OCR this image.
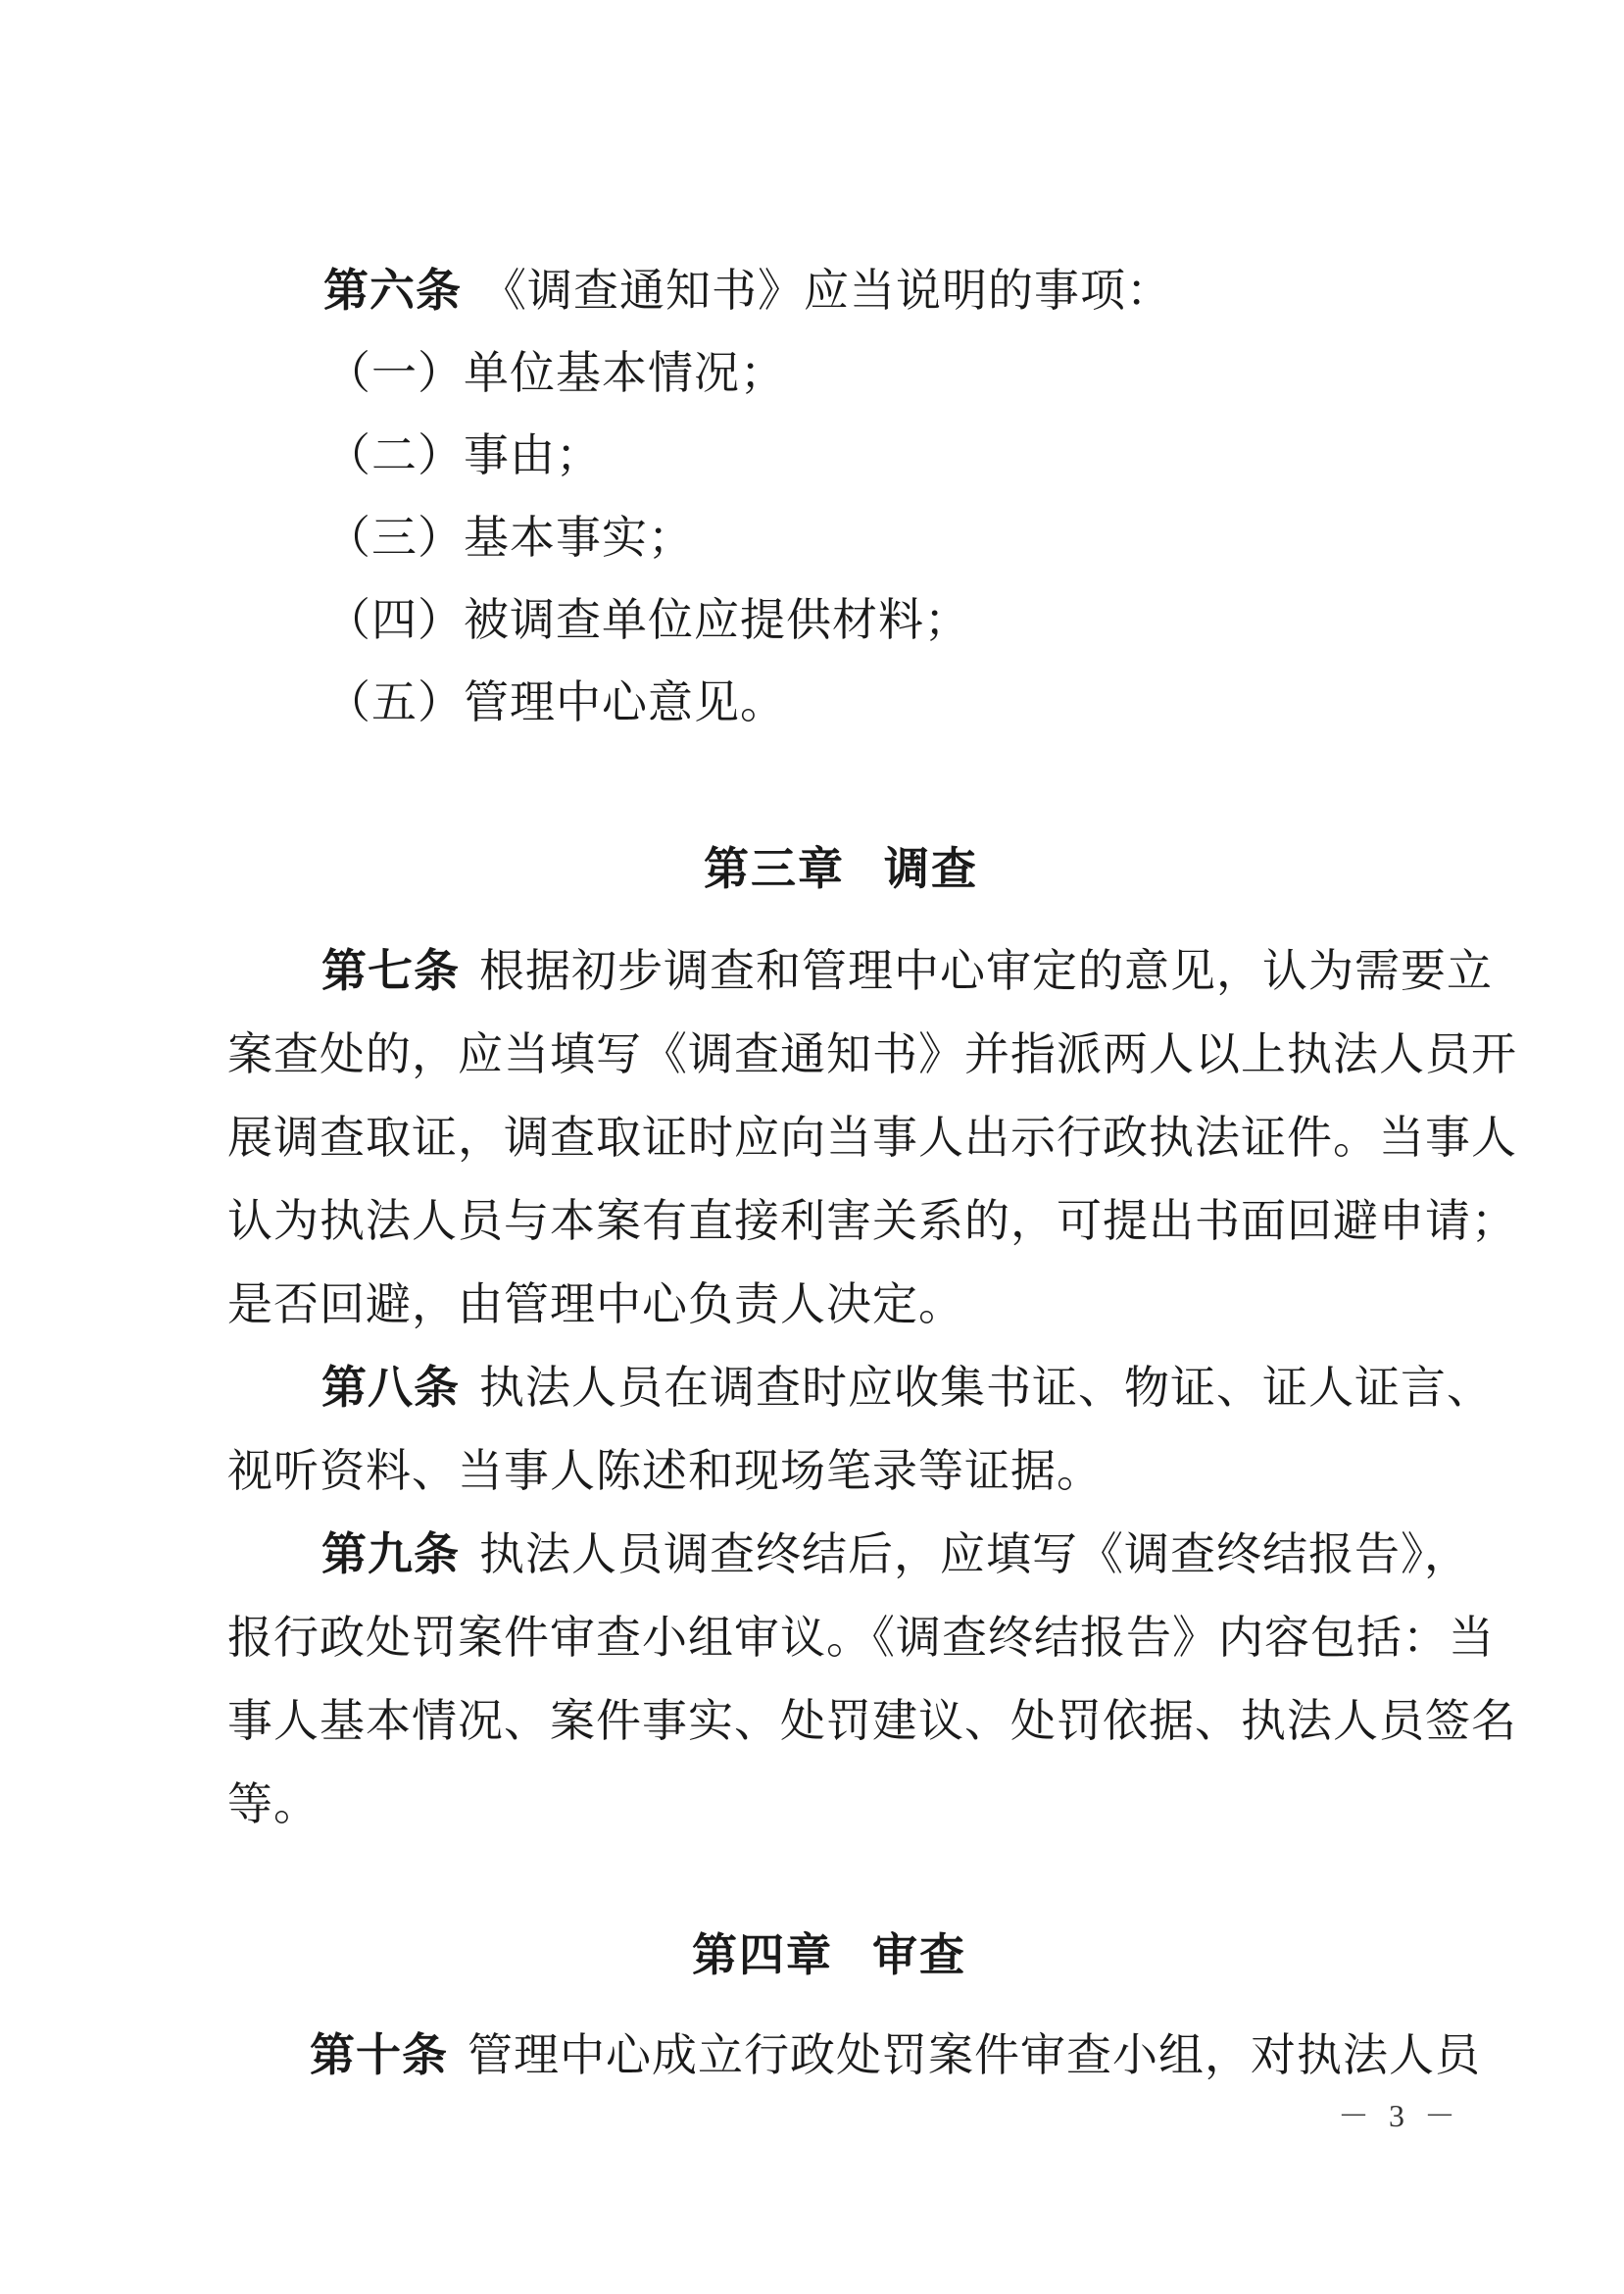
第六条 《调查通知书》应当说明的事项：
（一）单位基本情况；
（二）事由；
（三）基本事实；
（四）被调查单位应提供材料；
（五）管理中心意见。
第三章 调查
第七条 根据初步调查和管理中心审定的意见，认为需要立
案查处的，应当填写《调查通知书》并指派两人以上执法人员开
展调查取证，调查取证时应向当事人出示行政执法证件。当事人
认为执法人员与本案有直接利害关系的，可提出书面回避申请；
是否回避，由管理中心负责人决定。
第八条 执法人员在调查时应收集书证、物证、证人证言、
视听资料、当事人陈述和现场笔录等证据。
第九条 执法人员调查终结后，应填写《调查终结报告》，
报行政处罚案件审查小组审议。《调查终结报告》内容包括：当
事人基本情况、案件事实、处罚建议、处罚依据、执法人员签名
等。
第四章 审查
第十条 管理中心成立行政处罚案件审查小组，对执法人员
－ 3 －
